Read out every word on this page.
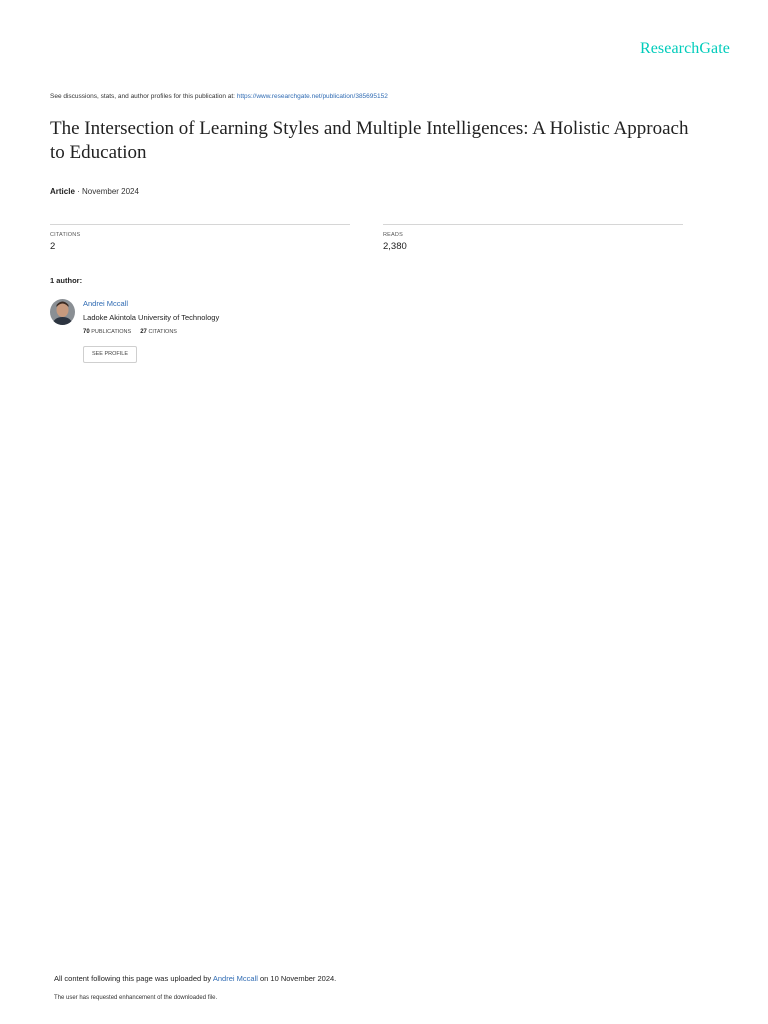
ResearchGate
See discussions, stats, and author profiles for this publication at: https://www.researchgate.net/publication/385695152
The Intersection of Learning Styles and Multiple Intelligences: A Holistic Approach to Education
Article · November 2024
CITATIONS
2
READS
2,380
1 author:
Andrei Mccall
Ladoke Akintola University of Technology
70 PUBLICATIONS 27 CITATIONS
SEE PROFILE
All content following this page was uploaded by Andrei Mccall on 10 November 2024.
The user has requested enhancement of the downloaded file.
